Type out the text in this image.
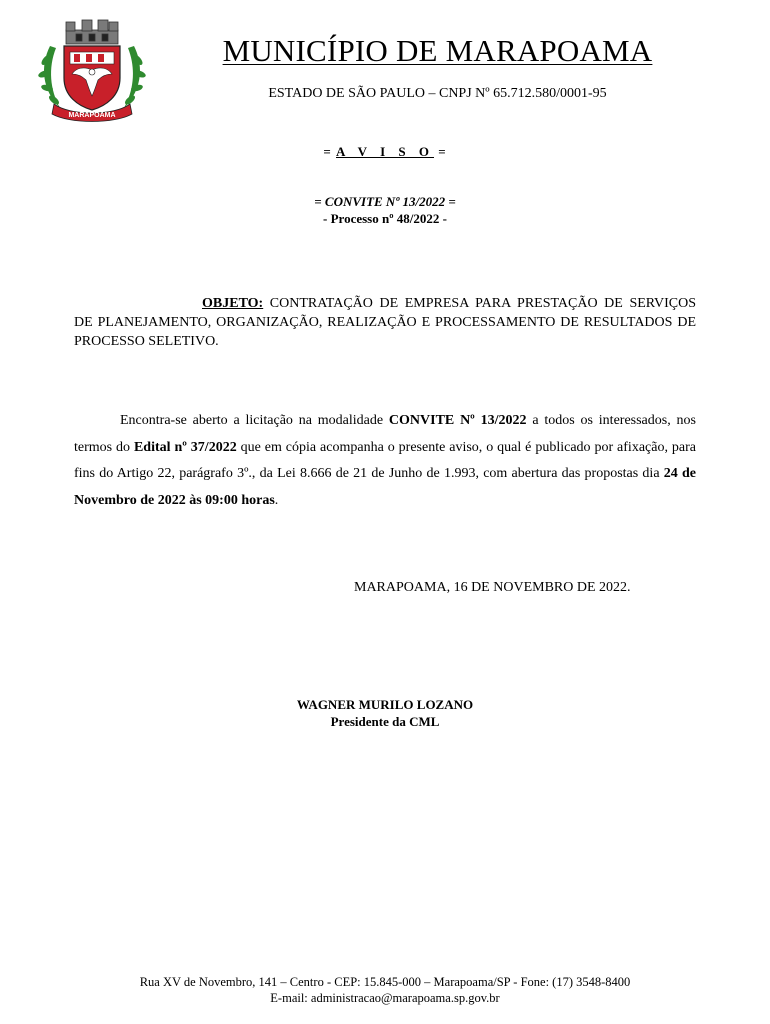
MARAPOAMA
MUNICÍPIO DE MARAPOAMA
ESTADO DE SÃO PAULO – CNPJ Nº 65.712.580/0001-95
= A V I S O =
= CONVITE Nº 13/2022 =
- Processo nº 48/2022 -
OBJETO: CONTRATAÇÃO DE EMPRESA PARA PRESTAÇÃO DE SERVIÇOS DE PLANEJAMENTO, ORGANIZAÇÃO, REALIZAÇÃO E PROCESSAMENTO DE RESULTADOS DE PROCESSO SELETIVO.
Encontra-se aberto a licitação na modalidade CONVITE Nº 13/2022 a todos os interessados, nos termos do Edital nº 37/2022 que em cópia acompanha o presente aviso, o qual é publicado por afixação, para fins do Artigo 22, parágrafo 3º., da Lei 8.666 de 21 de Junho de 1.993, com abertura das propostas dia 24 de Novembro de 2022 às 09:00 horas.
MARAPOAMA, 16 DE NOVEMBRO DE 2022.
WAGNER MURILO LOZANO
Presidente da CML
Rua XV de Novembro, 141 – Centro - CEP: 15.845-000 – Marapoama/SP - Fone: (17) 3548-8400
E-mail: administracao@marapoama.sp.gov.br
